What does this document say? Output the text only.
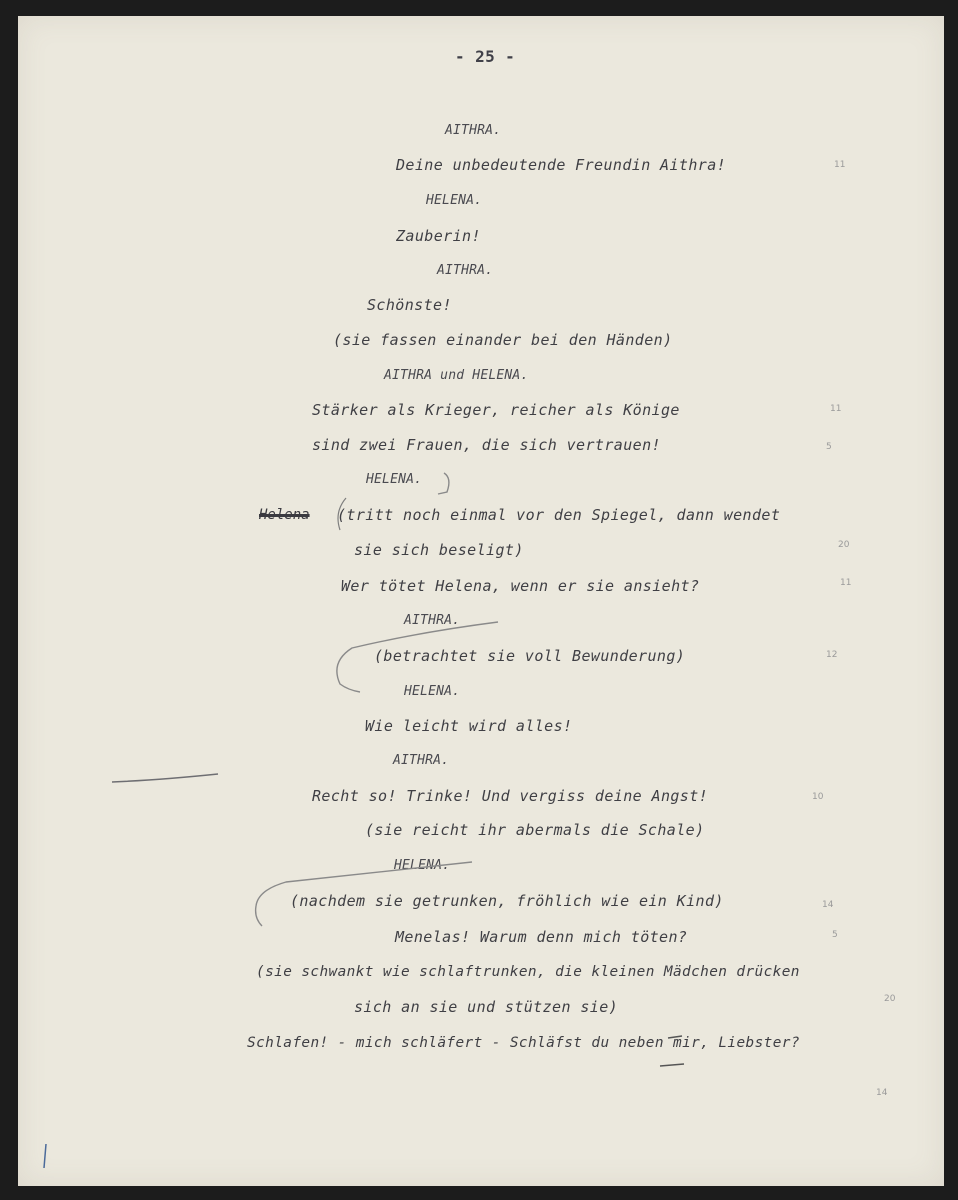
- 25 -
AITHRA.
Deine unbedeutende Freundin Aithra!
HELENA.
Zauberin!
AITHRA.
Schönste!
(sie fassen einander bei den Händen)
AITHRA und HELENA.
Stärker als Krieger, reicher als Könige
sind zwei Frauen, die sich vertrauen!
HELENA.
Helena (tritt noch einmal vor den Spiegel, dann wendet
sie sich beseligt)
Wer tötet Helena, wenn er sie ansieht?
AITHRA.
(betrachtet sie voll Bewunderung)
HELENA.
Wie leicht wird alles!
AITHRA.
Recht so! Trinke! Und vergiss deine Angst!
(sie reicht ihr abermals die Schale)
HELENA.
(nachdem sie getrunken, fröhlich wie ein Kind)
Menelas! Warum denn mich töten?
(sie schwankt wie schlaftrunken, die kleinen Mädchen drücken
sich an sie und stützen sie)
Schlafen! - mich schläfert - Schläfst du neben mir, Liebster?
11
11
5
20
11
12
10
14
5
20
14
